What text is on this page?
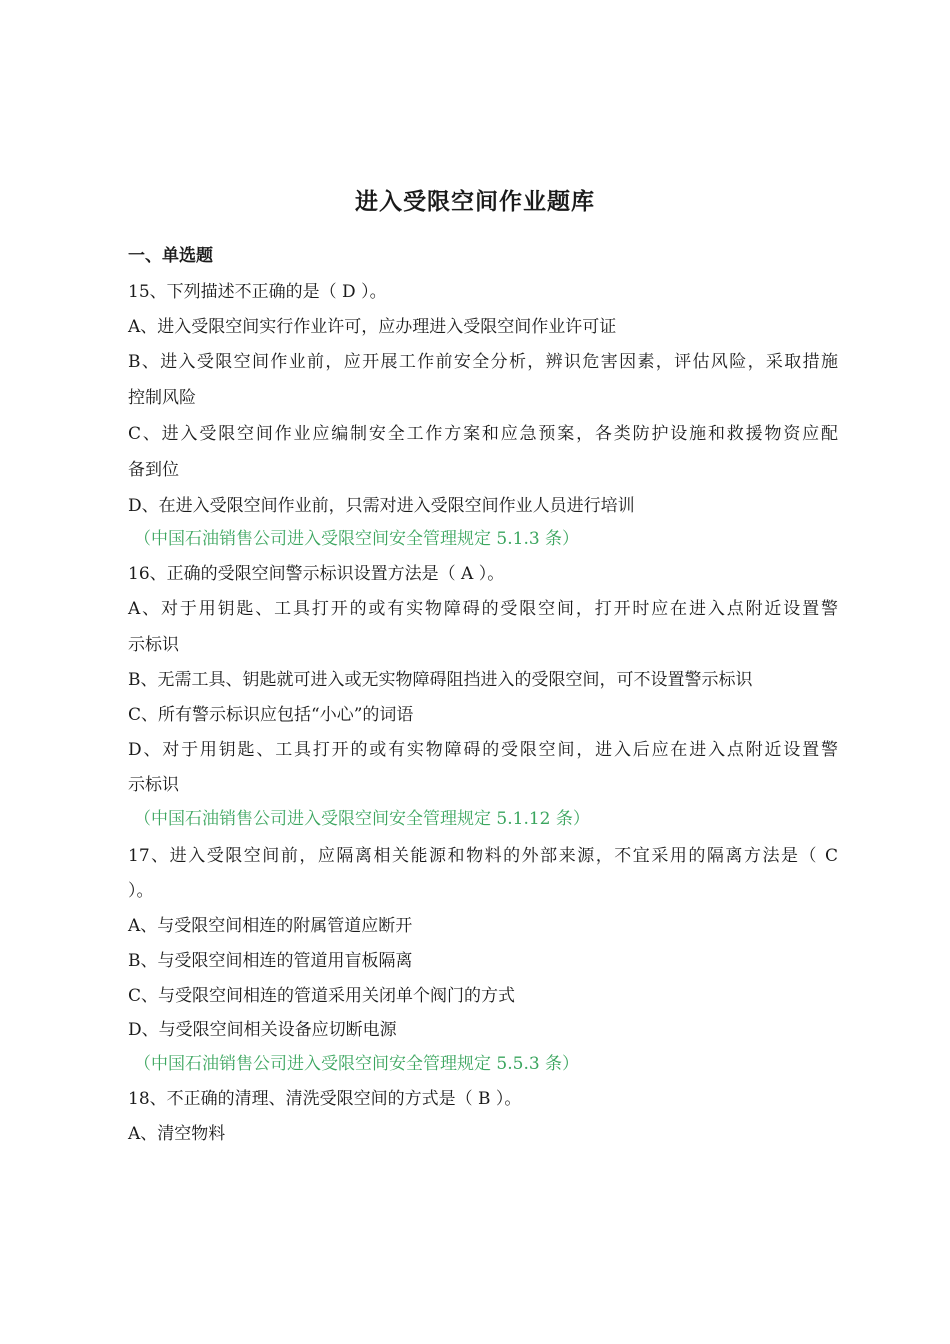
进入受限空间作业题库
一、单选题
15、下列描述不正确的是（ D ）。
A、进入受限空间实行作业许可，应办理进入受限空间作业许可证
B、进入受限空间作业前，应开展工作前安全分析，辨识危害因素，评估风险，采取措施
控制风险
C、进入受限空间作业应编制安全工作方案和应急预案，各类防护设施和救援物资应配
备到位
D、在进入受限空间作业前，只需对进入受限空间作业人员进行培训
（中国石油销售公司进入受限空间安全管理规定 5.1.3 条）
16、正确的受限空间警示标识设置方法是（ A ）。
A、对于用钥匙、工具打开的或有实物障碍的受限空间，打开时应在进入点附近设置警
示标识
B、无需工具、钥匙就可进入或无实物障碍阻挡进入的受限空间，可不设置警示标识
C、所有警示标识应包括“小心”的词语
D、对于用钥匙、工具打开的或有实物障碍的受限空间，进入后应在进入点附近设置警
示标识
（中国石油销售公司进入受限空间安全管理规定 5.1.12 条）
17、进入受限空间前，应隔离相关能源和物料的外部来源，不宜采用的隔离方法是（ C
）。
A、与受限空间相连的附属管道应断开
B、与受限空间相连的管道用盲板隔离
C、与受限空间相连的管道采用关闭单个阀门的方式
D、与受限空间相关设备应切断电源
（中国石油销售公司进入受限空间安全管理规定 5.5.3 条）
18、不正确的清理、清洗受限空间的方式是（ B ）。
A、清空物料
